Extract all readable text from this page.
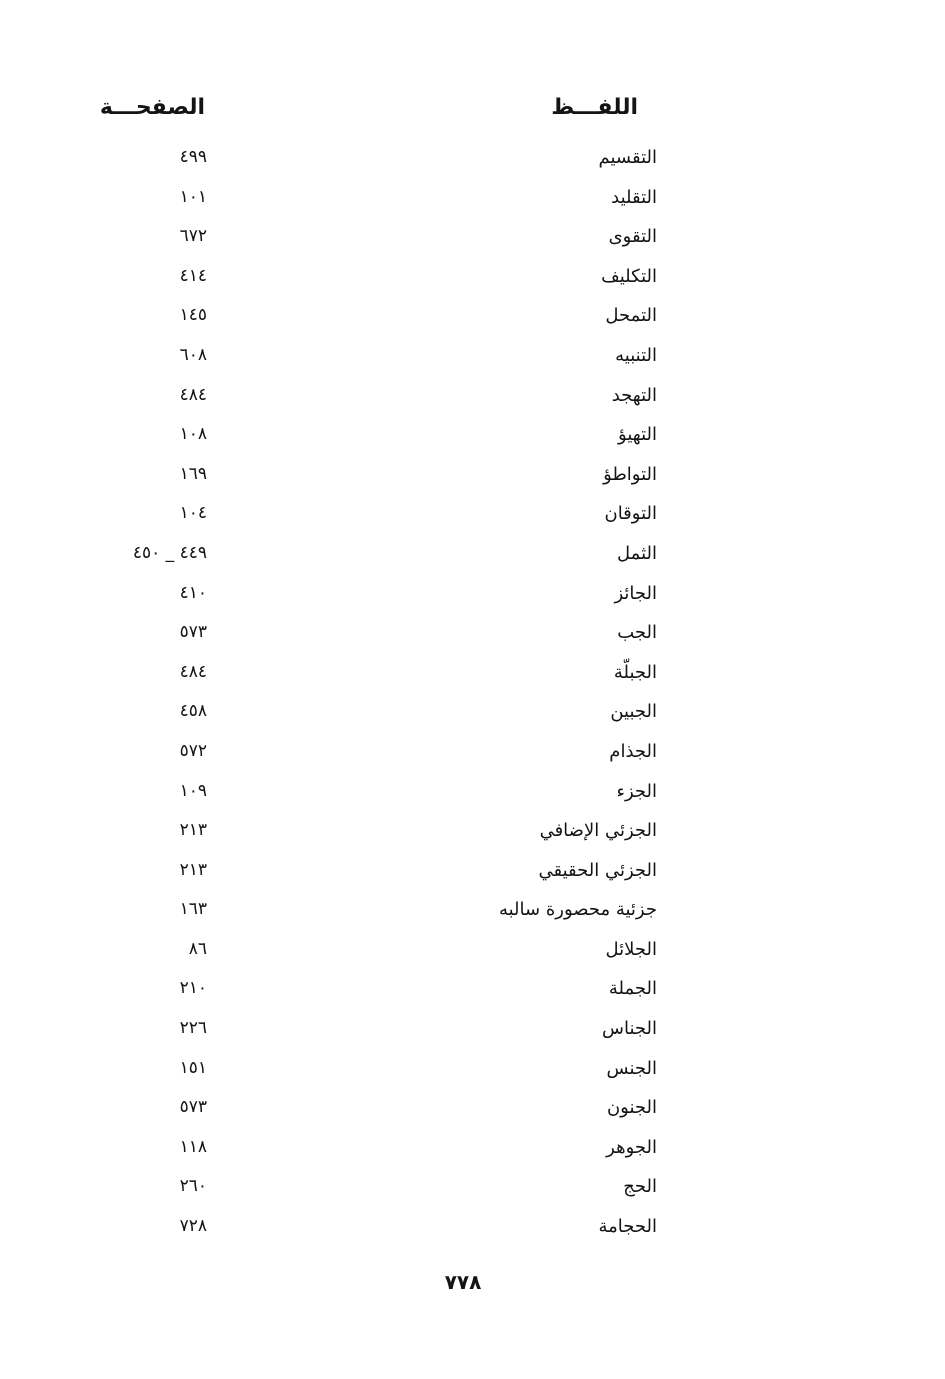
اللفـــظ
الصفحـــة
التقسيم
٤٩٩
التقليد
١٠١
التقوى
٦٧٢
التكليف
٤١٤
التمحل
١٤٥
التنبيه
٦٠٨
التهجد
٤٨٤
التهيؤ
١٠٨
التواطؤ
١٦٩
التوقان
١٠٤
الثمل
٤٤٩ _ ٤٥٠
الجائز
٤١٠
الجب
٥٧٣
الجبلّة
٤٨٤
الجبين
٤٥٨
الجذام
٥٧٢
الجزء
١٠٩
الجزئي الإضافي
٢١٣
الجزئي الحقيقي
٢١٣
جزئية محصورة سالبه
١٦٣
الجلائل
٨٦
الجملة
٢١٠
الجناس
٢٢٦
الجنس
١٥١
الجنون
٥٧٣
الجوهر
١١٨
الحج
٢٦٠
الحجامة
٧٢٨
٧٧٨
